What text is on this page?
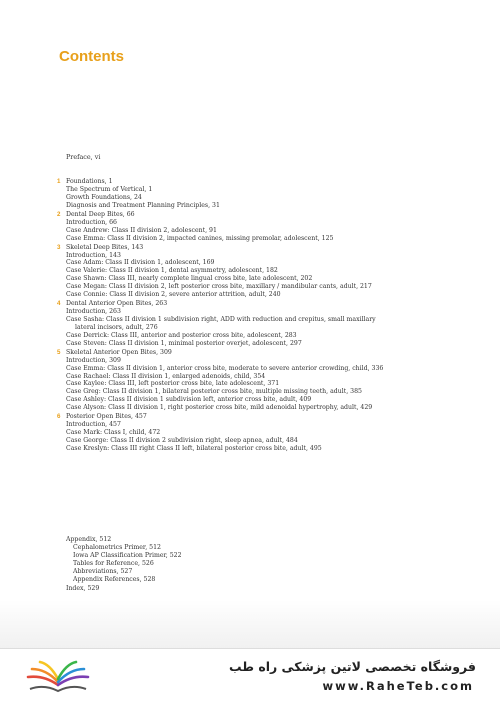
Contents
Preface, vi
1 Foundations, 1
The Spectrum of Vertical, 1
Growth Foundations, 24
Diagnosis and Treatment Planning Principles, 31
2 Dental Deep Bites, 66
Introduction, 66
Case Andrew: Class II division 2, adolescent, 91
Case Emma: Class II division 2, impacted canines, missing premolar, adolescent, 125
3 Skeletal Deep Bites, 143
Introduction, 143
Case Adam: Class II division 1, adolescent, 169
Case Valerie: Class II division 1, dental asymmetry, adolescent, 182
Case Shawn: Class III, nearly complete lingual cross bite, late adolescent, 202
Case Megan: Class II division 2, left posterior cross bite, maxillary / mandibular cants, adult, 217
Case Connie: Class II division 2, severe anterior attrition, adult, 240
4 Dental Anterior Open Bites, 263
Introduction, 263
Case Sasha: Class II division 1 subdivision right, ADD with reduction and crepitus, small maxillary
lateral incisors, adult, 276
Case Derrick: Class III, anterior and posterior cross bite, adolescent, 283
Case Steven: Class II division 1, minimal posterior overjet, adolescent, 297
5 Skeletal Anterior Open Bites, 309
Introduction, 309
Case Emma: Class II division 1, anterior cross bite, moderate to severe anterior crowding, child, 336
Case Rachael: Class II division 1, enlarged adenoids, child, 354
Case Kaylee: Class III, left posterior cross bite, late adolescent, 371
Case Greg: Class II division 1, bilateral posterior cross bite, multiple missing teeth, adult, 385
Case Ashley: Class II division 1 subdivision left, anterior cross bite, adult, 409
Case Alyson: Class II division 1, right posterior cross bite, mild adenoidal hypertrophy, adult, 429
6 Posterior Open Bites, 457
Introduction, 457
Case Mark: Class I, child, 472
Case George: Class II division 2 subdivision right, sleep apnea, adult, 484
Case Kreslyn: Class III right Class II left, bilateral posterior cross bite, adult, 495
Appendix, 512
Cephalometrics Primer, 512
Iowa AP Classification Primer, 522
Tables for Reference, 526
Abbreviations, 527
Appendix References, 528
Index, 529
فروشگاه تخصصی لاتین پزشکی راه طب
www.RaheTeb.com
